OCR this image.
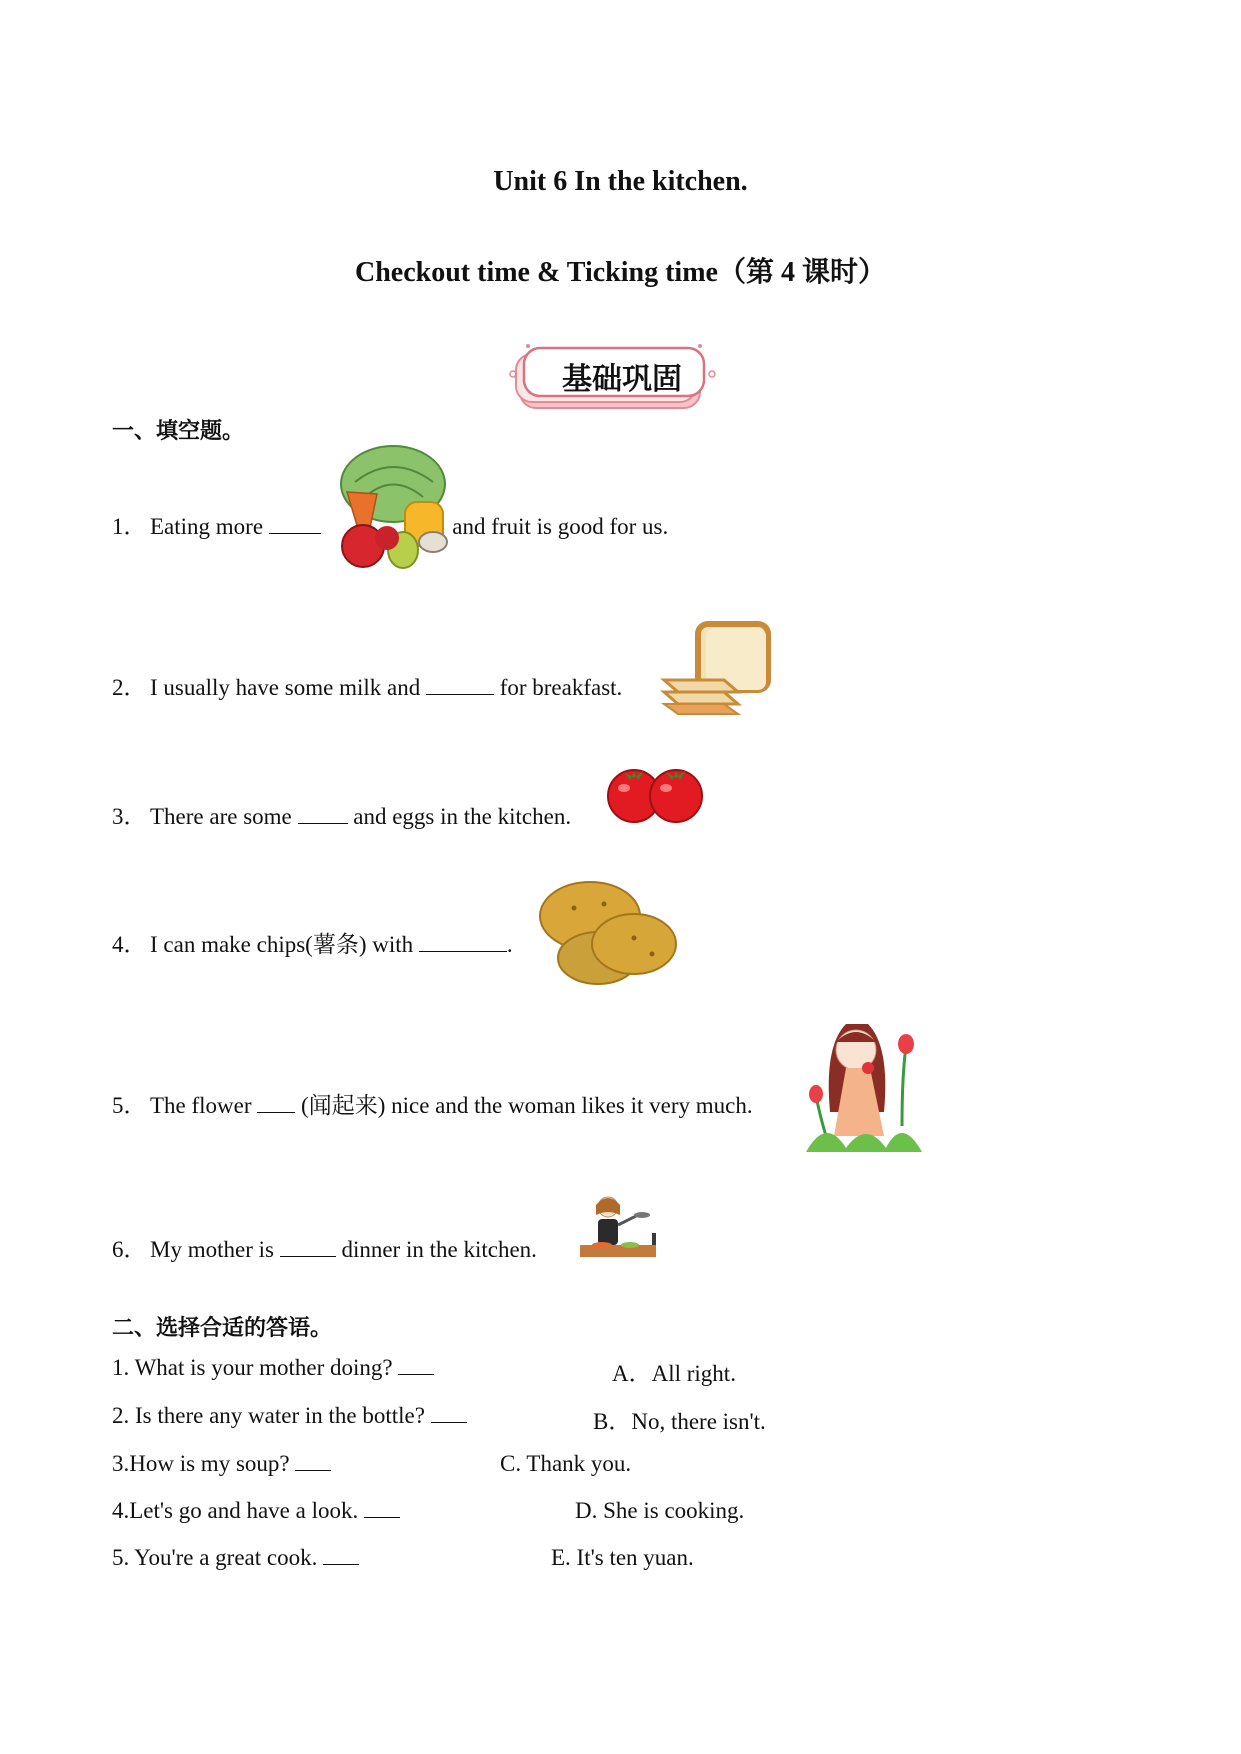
Unit 6 In the kitchen.
Checkout time & Ticking time（第 4 课时）
基础巩固
一、填空题。
1． Eating more	and fruit is good for us.
2． I usually have some milk and	for breakfast.
3． There are some	and eggs in the kitchen.
4． I can make chips(薯条) with	.
5． The flower (闻起来) nice and the woman likes it very much.
6． My mother is	dinner in the kitchen.
二、选择合适的答语。
1. What is your mother doing?	A．All right.
2. Is there any water in the bottle?	B．No, there isn't.
3.How is my soup?	C. Thank you.
4.Let's go and have a look.	D. She is cooking.
5. You're a great cook.	E. It's ten yuan.
